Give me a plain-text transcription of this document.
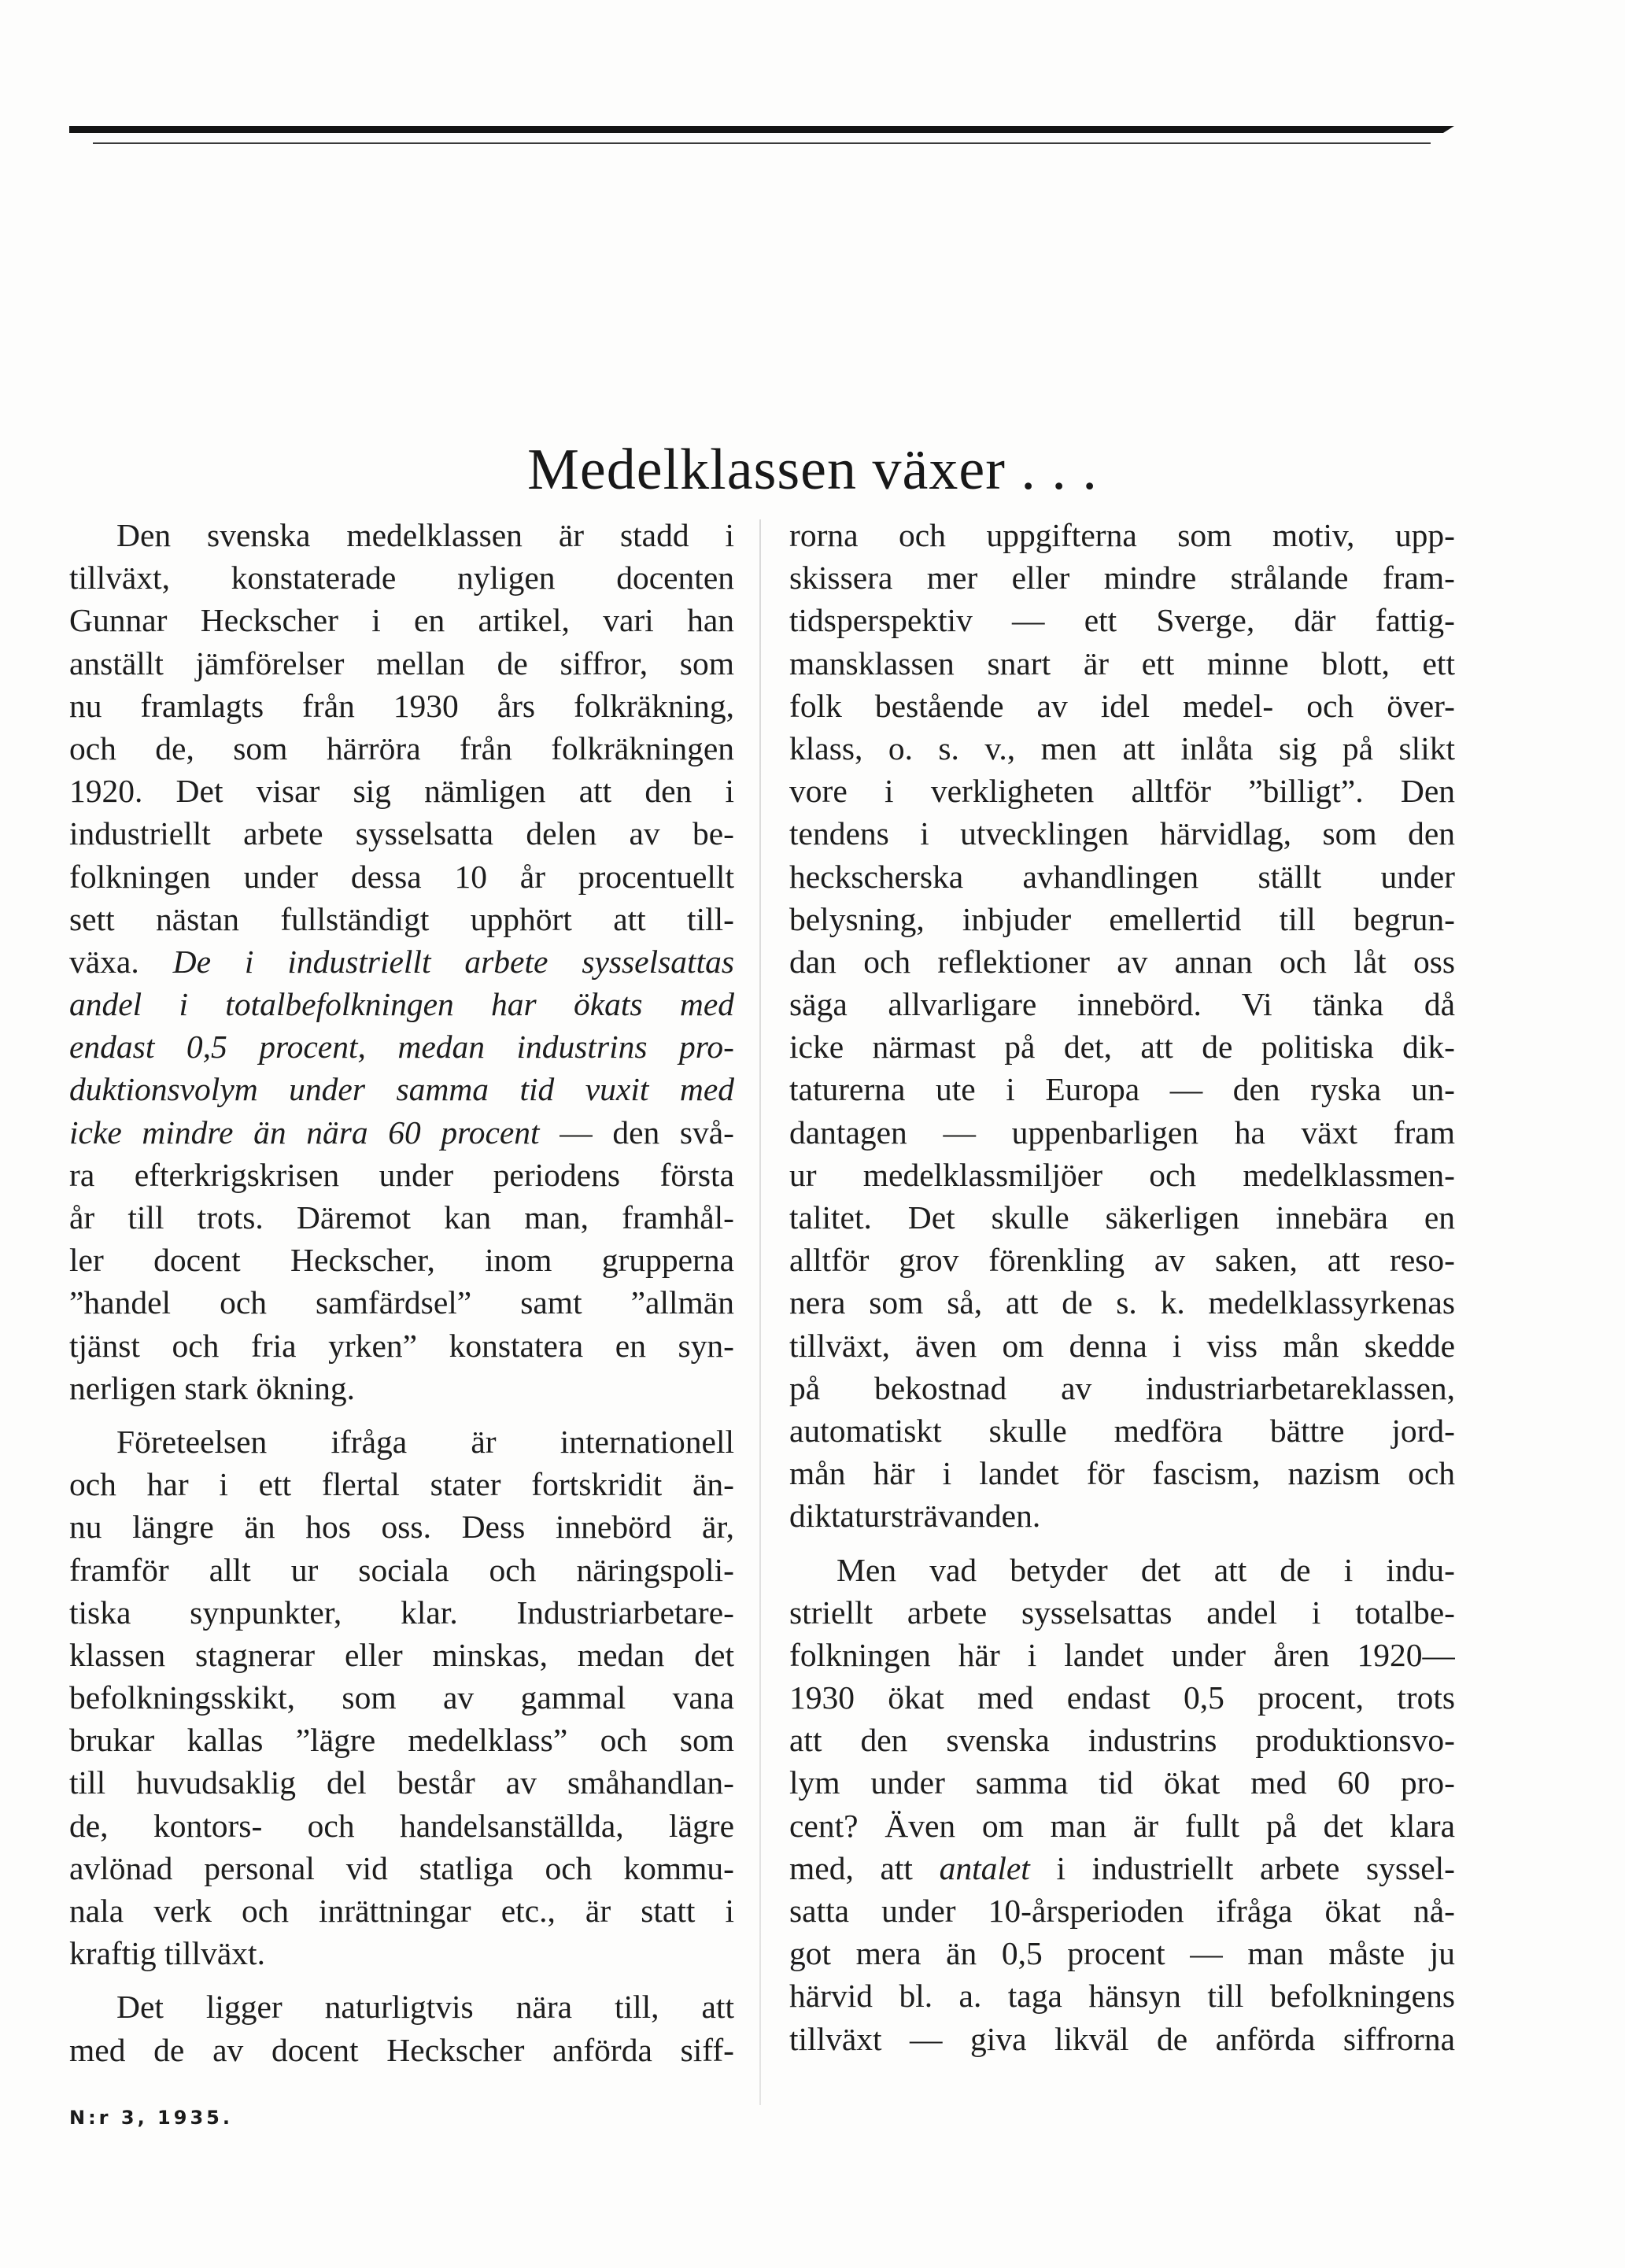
Medelklassen växer . . .
Den svenska medelklassen är stadd i
tillväxt, konstaterade nyligen docenten
Gunnar Heckscher i en artikel, vari han
anställt jämförelser mellan de siffror, som
nu framlagts från 1930 års folkräkning,
och de, som härröra från folkräkningen
1920. Det visar sig nämligen att den i
industriellt arbete sysselsatta delen av be-
folkningen under dessa 10 år procentuellt
sett nästan fullständigt upphört att till-
växa. De i industriellt arbete sysselsattas
andel i totalbefolkningen har ökats med
endast 0,5 procent, medan industrins pro-
duktionsvolym under samma tid vuxit med
icke mindre än nära 60 procent — den svå-
ra efterkrigskrisen under periodens första
år till trots. Däremot kan man, framhål-
ler docent Heckscher, inom grupperna
”handel och samfärdsel” samt ”allmän
tjänst och fria yrken” konstatera en syn-
nerligen stark ökning.
Företeelsen ifråga är internationell
och har i ett flertal stater fortskridit än-
nu längre än hos oss. Dess innebörd är,
framför allt ur sociala och näringspoli-
tiska synpunkter, klar. Industriarbetare-
klassen stagnerar eller minskas, medan det
befolkningsskikt, som av gammal vana
brukar kallas ”lägre medelklass” och som
till huvudsaklig del består av småhandlan-
de, kontors- och handelsanställda, lägre
avlönad personal vid statliga och kommu-
nala verk och inrättningar etc., är statt i
kraftig tillväxt.
Det ligger naturligtvis nära till, att
med de av docent Heckscher anförda siff-
rorna och uppgifterna som motiv, upp-
skissera mer eller mindre strålande fram-
tidsperspektiv — ett Sverge, där fattig-
mansklassen snart är ett minne blott, ett
folk bestående av idel medel- och över-
klass, o. s. v., men att inlåta sig på slikt
vore i verkligheten alltför ”billigt”. Den
tendens i utvecklingen härvidlag, som den
heckscherska avhandlingen ställt under
belysning, inbjuder emellertid till begrun-
dan och reflektioner av annan och låt oss
säga allvarligare innebörd. Vi tänka då
icke närmast på det, att de politiska dik-
taturerna ute i Europa — den ryska un-
dantagen — uppenbarligen ha växt fram
ur medelklassmiljöer och medelklassmen-
talitet. Det skulle säkerligen innebära en
alltför grov förenkling av saken, att reso-
nera som så, att de s. k. medelklassyrkenas
tillväxt, även om denna i viss mån skedde
på bekostnad av industriarbetareklassen,
automatiskt skulle medföra bättre jord-
mån här i landet för fascism, nazism och
diktatursträvanden.
Men vad betyder det att de i indu-
striellt arbete sysselsattas andel i totalbe-
folkningen här i landet under åren 1920—
1930 ökat med endast 0,5 procent, trots
att den svenska industrins produktionsvo-
lym under samma tid ökat med 60 pro-
cent? Även om man är fullt på det klara
med, att antalet i industriellt arbete syssel-
satta under 10-årsperioden ifråga ökat nå-
got mera än 0,5 procent — man måste ju
härvid bl. a. taga hänsyn till befolkningens
tillväxt — giva likväl de anförda siffrorna
N:r 3, 1935.
